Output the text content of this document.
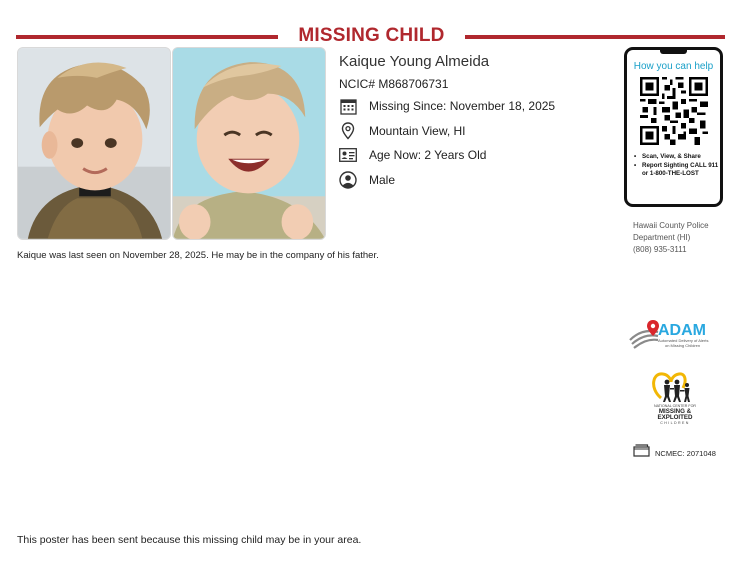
MISSING CHILD
Kaique Young Almeida
NCIC# M868706731
Missing Since: November 18, 2025
Mountain View, HI
Age Now: 2 Years Old
Male
How you can help
• Scan, View, & Share
• Report Sighting CALL 911 or 1-800-THE-LOST
Hawaii County Police
Department (HI)
(808) 935-3111
Kaique was last seen on November 28, 2025. He may be in the company of his father.
ADAM
Automated Delivery of Alerts
on Missing Children
NATIONAL CENTER FOR
MISSING &
EXPLOITED
CHILDREN
NCMEC: 2071048
This poster has been sent because this missing child may be in your area.
